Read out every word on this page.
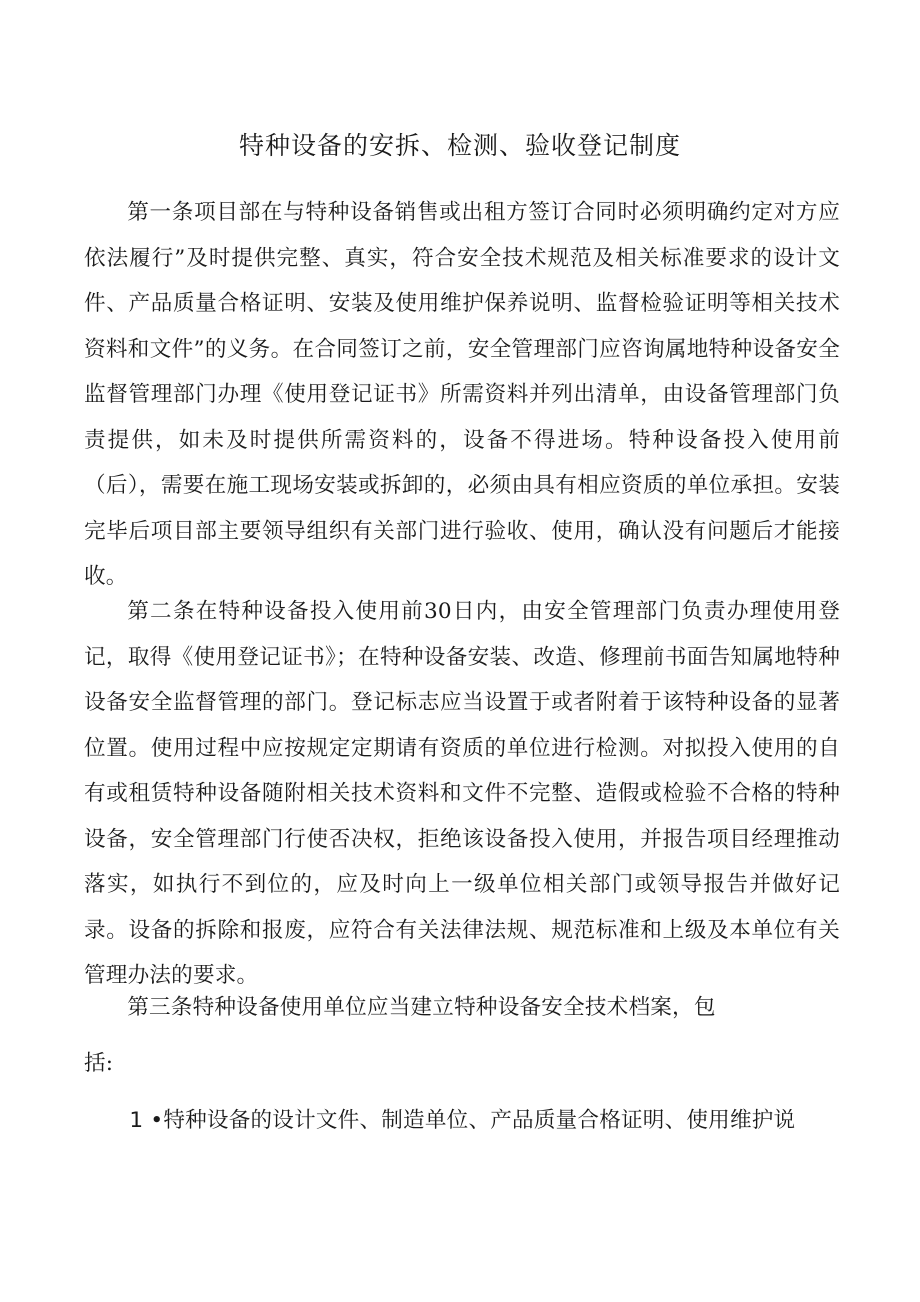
特种设备的安拆、检测、验收登记制度

第一条项目部在与特种设备销售或出租方签订合同时必须明确约定对方应依法履行”及时提供完整、真实，符合安全技术规范及相关标准要求的设计文件、产品质量合格证明、安装及使用维护保养说明、监督检验证明等相关技术资料和文件”的义务。在合同签订之前，安全管理部门应咨询属地特种设备安全监督管理部门办理《使用登记证书》所需资料并列出清单，由设备管理部门负责提供，如未及时提供所需资料的，设备不得进场。特种设备投入使用前（后），需要在施工现场安装或拆卸的，必须由具有相应资质的单位承担。安装完毕后项目部主要领导组织有关部门进行验收、使用，确认没有问题后才能接收。

第二条在特种设备投入使用前30日内，由安全管理部门负责办理使用登记，取得《使用登记证书》；在特种设备安装、改造、修理前书面告知属地特种设备安全监督管理的部门。登记标志应当设置于或者附着于该特种设备的显著位置。使用过程中应按规定定期请有资质的单位进行检测。对拟投入使用的自有或租赁特种设备随附相关技术资料和文件不完整、造假或检验不合格的特种设备，安全管理部门行使否决权，拒绝该设备投入使用，并报告项目经理推动落实，如执行不到位的，应及时向上一级单位相关部门或领导报告并做好记录。设备的拆除和报废，应符合有关法律法规、规范标准和上级及本单位有关管理办法的要求。

第三条特种设备使用单位应当建立特种设备安全技术档案，包
括:

1 •特种设备的设计文件、制造单位、产品质量合格证明、使用维护说
